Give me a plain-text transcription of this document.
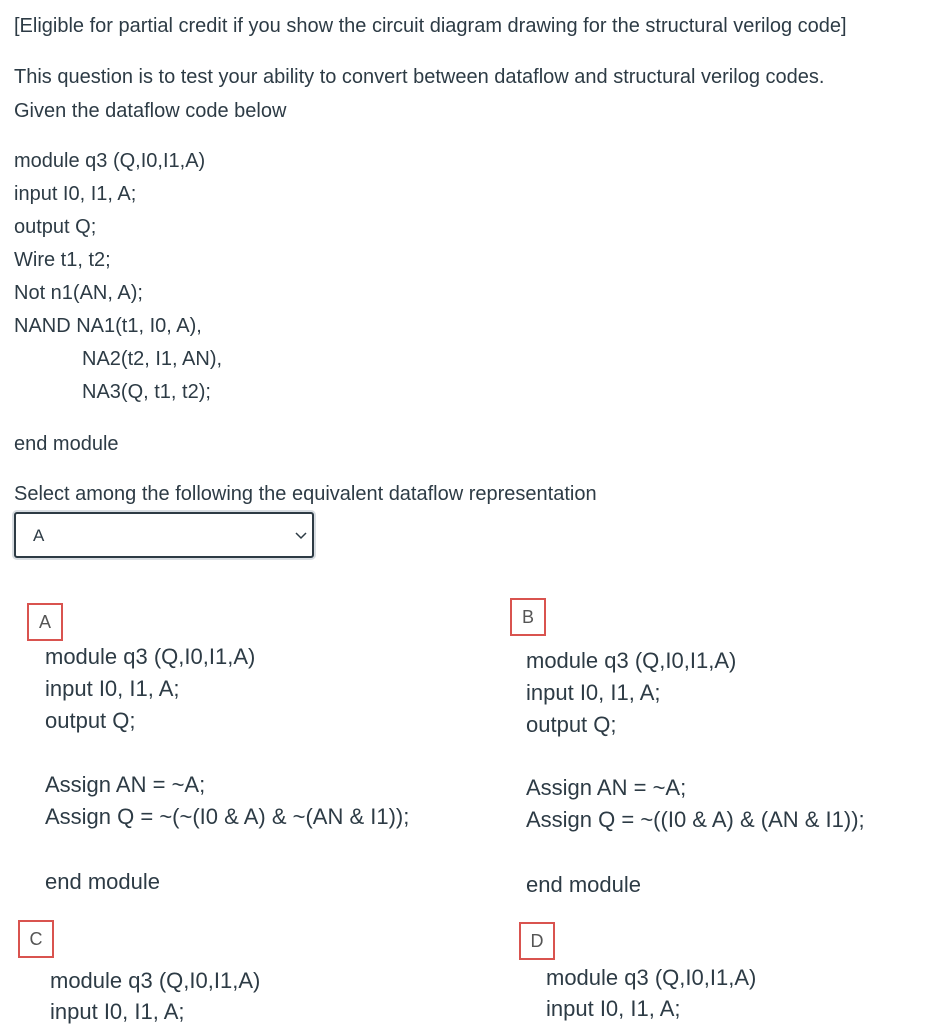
[Eligible for partial credit if you show the circuit diagram drawing for the structural verilog code]
This question is to test your ability to convert between dataflow and structural verilog codes.
Given the dataflow code below
module q3 (Q,I0,I1,A)
input I0, I1, A;
output Q;
Wire t1, t2;
Not n1(AN, A);
NAND NA1(t1, I0, A),
NA2(t2, I1, AN),
NA3(Q, t1, t2);
end module
Select among the following the equivalent dataflow representation
A
A
module q3 (Q,I0,I1,A)
input I0, I1, A;
output Q;
Assign AN = ~A;
Assign Q = ~(~(I0 & A) & ~(AN & I1));
end module
B
module q3 (Q,I0,I1,A)
input I0, I1, A;
output Q;
Assign AN = ~A;
Assign Q = ~((I0 & A) & (AN & I1));
end module
C
module q3 (Q,I0,I1,A)
input I0, I1, A;
D
module q3 (Q,I0,I1,A)
input I0, I1, A;
